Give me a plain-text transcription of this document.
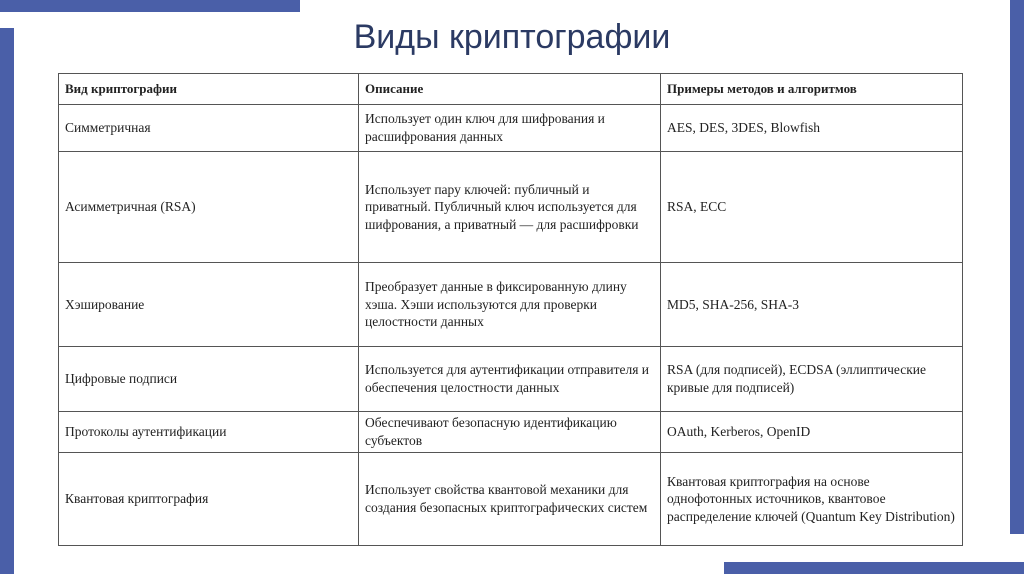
Виды криптографии
Вид криптографии	Описание	Примеры методов и алгоритмов
Симметричная	Использует один ключ для шифрования и расшифрования данных	AES, DES, 3DES, Blowfish
Асимметричная (RSA)	Использует пару ключей: публичный и приватный. Публичный ключ используется для шифрования, а приватный — для расшифровки	RSA, ECC
Хэширование	Преобразует данные в фиксированную длину хэша. Хэши используются для проверки целостности данных	MD5, SHA-256, SHA-3
Цифровые подписи	Используется для аутентификации отправителя и обеспечения целостности данных	RSA (для подписей), ECDSA (эллиптические кривые для подписей)
Протоколы аутентификации	Обеспечивают безопасную идентификацию субъектов	OAuth, Kerberos, OpenID
Квантовая криптография	Использует свойства квантовой механики для создания безопасных криптографических систем	Квантовая криптография на основе однофотонных источников, квантовое распределение ключей (Quantum Key Distribution)
